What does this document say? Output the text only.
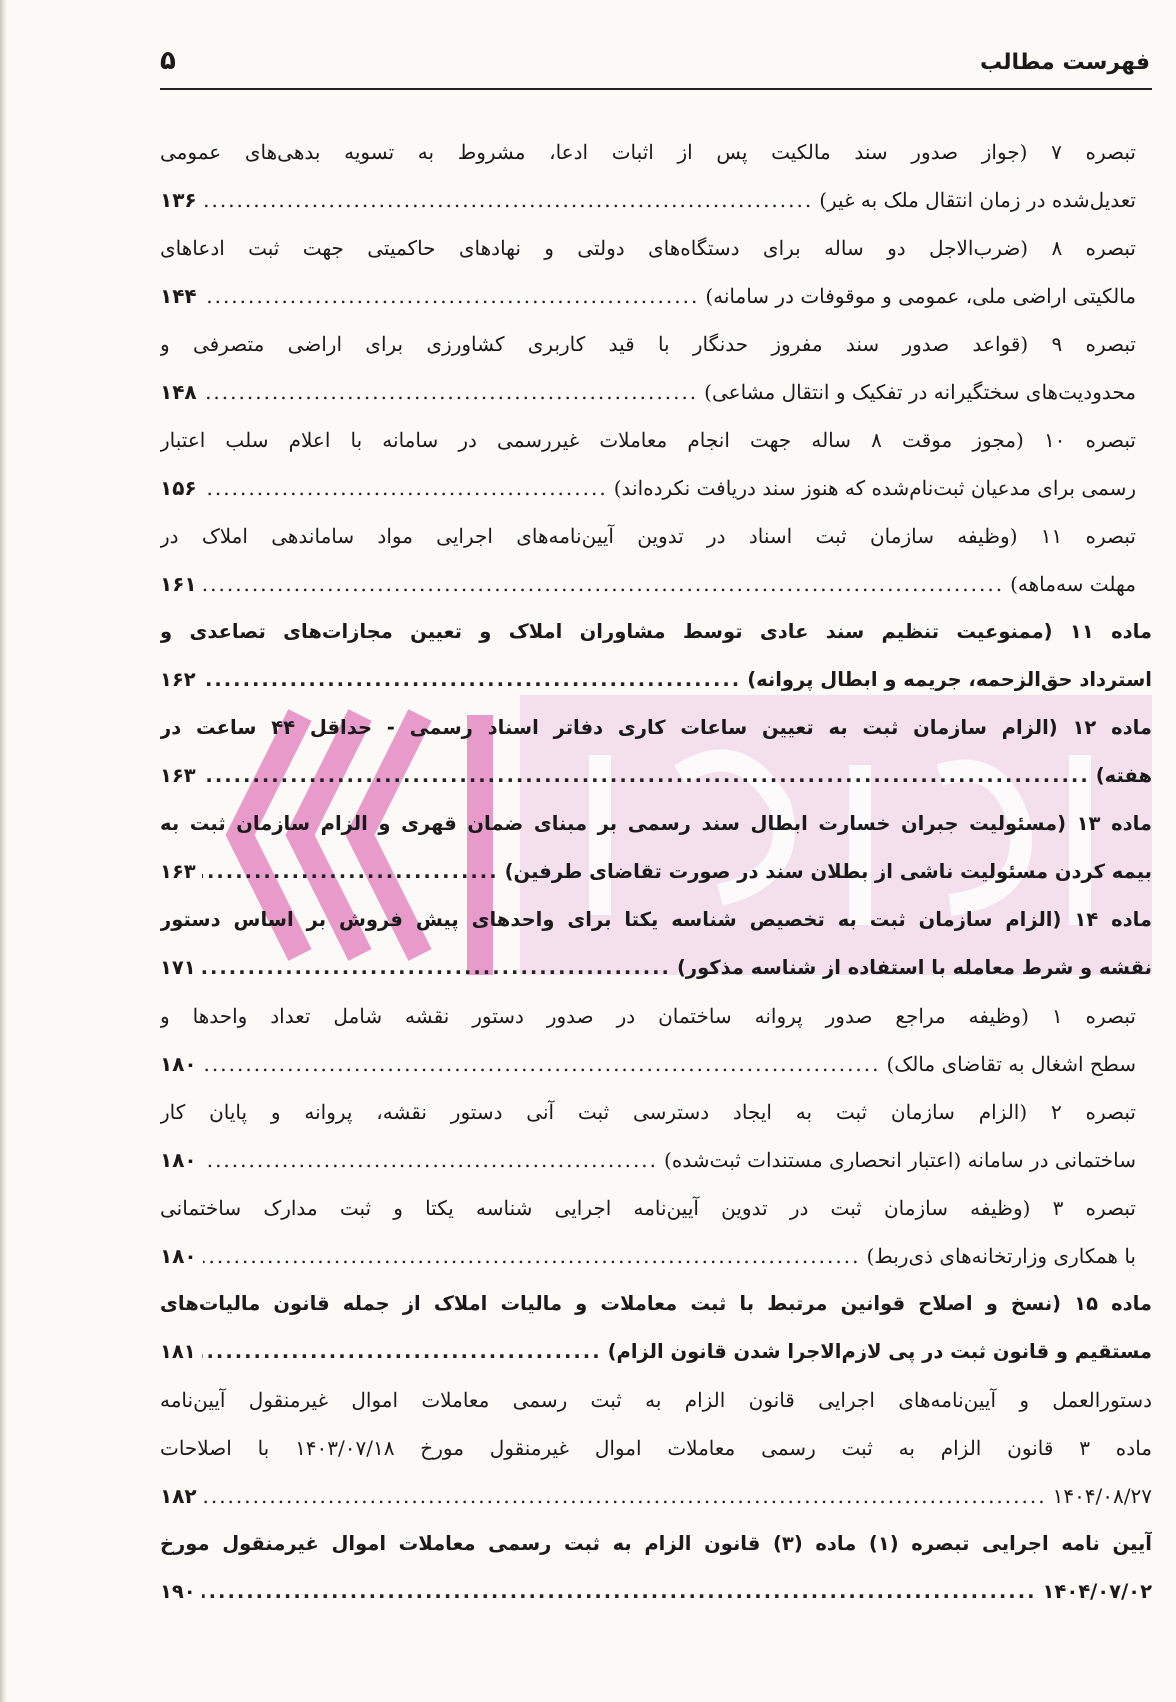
فهرست مطالب
۵
تبصره ۷ (جواز صدور سند مالکیت پس از اثبات ادعا، مشروط به تسویه بدهی‌های عمومی
تعدیل‌شده در زمان انتقال ملک به غیر)
.....
۱۳۶
تبصره ۸ (ضرب‌الاجل دو ساله برای دستگاه‌های دولتی و نهادهای حاکمیتی جهت ثبت ادعاهای
مالکیتی اراضی ملی، عمومی و موقوفات در سامانه)
.....
۱۴۴
تبصره ۹ (قواعد صدور سند مفروز حدنگار با قید کاربری کشاورزی برای اراضی متصرفی و
محدودیت‌های سختگیرانه در تفکیک و انتقال مشاعی)
.....
۱۴۸
تبصره ۱۰ (مجوز موقت ۸ ساله جهت انجام معاملات غیررسمی در سامانه با اعلام سلب اعتبار
رسمی برای مدعیان ثبت‌نام‌شده که هنوز سند دریافت نکرده‌اند)
.....
۱۵۶
تبصره ۱۱ (وظیفه سازمان ثبت اسناد در تدوین آیین‌نامه‌های اجرایی مواد ساماندهی املاک در
مهلت سه‌ماهه)
.....
۱۶۱
ماده ۱۱ (ممنوعیت تنظیم سند عادی توسط مشاوران املاک و تعیین مجازات‌های تصاعدی و
استرداد حق‌الزحمه، جریمه و ابطال پروانه)
.....
۱۶۲
ماده ۱۲ (الزام سازمان ثبت به تعیین ساعات کاری دفاتر اسناد رسمی - حداقل ۴۴ ساعت در
هفته)
.....
۱۶۳
ماده ۱۳ (مسئولیت جبران خسارت ابطال سند رسمی بر مبنای ضمان قهری و الزام سازمان ثبت به
بیمه کردن مسئولیت ناشی از بطلان سند در صورت تقاضای طرفین)
.....
۱۶۳
ماده ۱۴ (الزام سازمان ثبت به تخصیص شناسه یکتا برای واحدهای پیش فروش بر اساس دستور
نقشه و شرط معامله با استفاده از شناسه مذکور)
.....
۱۷۱
تبصره ۱ (وظیفه مراجع صدور پروانه ساختمان در صدور دستور نقشه شامل تعداد واحدها و
سطح اشغال به تقاضای مالک)
.....
۱۸۰
تبصره ۲ (الزام سازمان ثبت به ایجاد دسترسی ثبت آنی دستور نقشه، پروانه و پایان کار
ساختمانی در سامانه (اعتبار انحصاری مستندات ثبت‌شده)
.....
۱۸۰
تبصره ۳ (وظیفه سازمان ثبت در تدوین آیین‌نامه اجرایی شناسه یکتا و ثبت مدارک ساختمانی
با همکاری وزارتخانه‌های ذی‌ربط)
.....
۱۸۰
ماده ۱۵ (نسخ و اصلاح قوانین مرتبط با ثبت معاملات و مالیات املاک از جمله قانون مالیات‌های
مستقیم و قانون ثبت در پی لازم‌الاجرا شدن قانون الزام)
.....
۱۸۱
دستورالعمل و آیین‌نامه‌های اجرایی قانون الزام به ثبت رسمی معاملات اموال غیرمنقول آیین‌نامه
ماده ۳ قانون الزام به ثبت رسمی معاملات اموال غیرمنقول مورخ ۱۴۰۳/۰۷/۱۸ با اصلاحات
۱۴۰۴/۰۸/۲۷
.....
۱۸۲
آیین نامه اجرایی تبصره (۱) ماده (۳) قانون الزام به ثبت رسمی معاملات اموال غیرمنقول مورخ
۱۴۰۴/۰۷/۰۲
.....
۱۹۰
